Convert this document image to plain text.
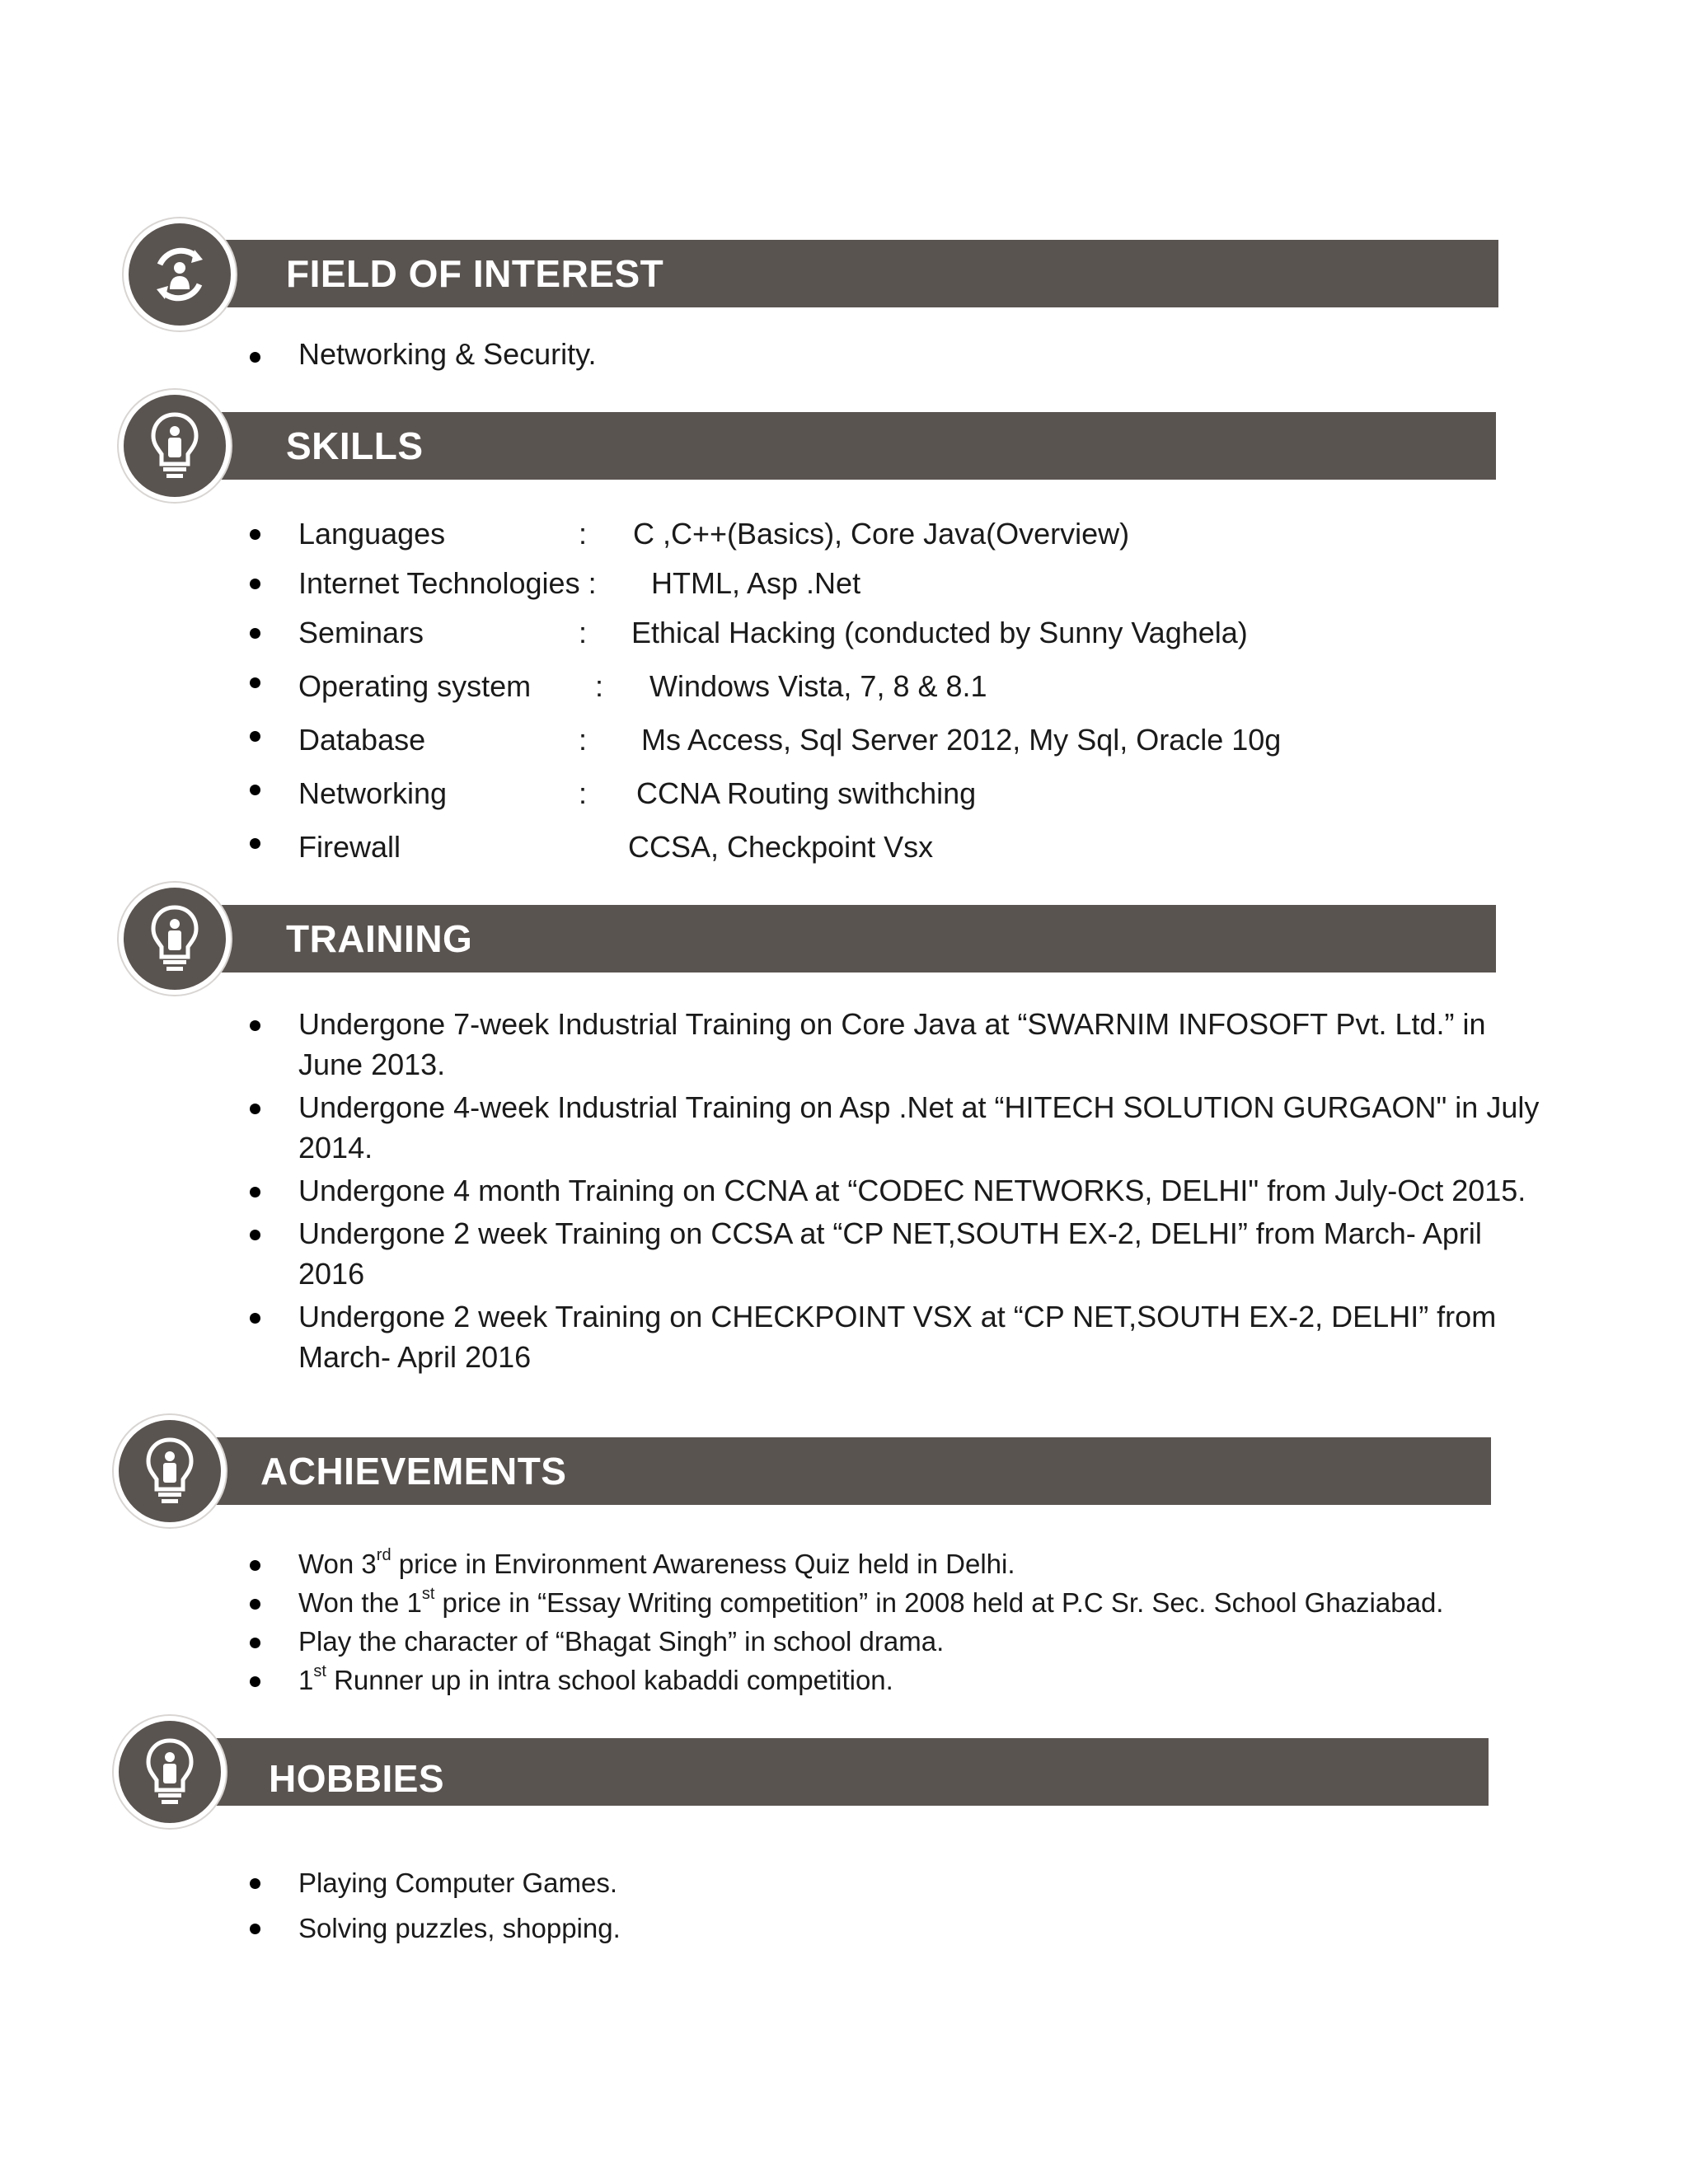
FIELD OF INTEREST
Networking & Security.
SKILLS
Languages	: C ,C++(Basics), Core Java(Overview)
Internet Technologies : HTML, Asp .Net
Seminars	: Ethical Hacking (conducted by Sunny Vaghela)
Operating system : Windows Vista, 7, 8 & 8.1
Database	: Ms Access, Sql Server 2012, My Sql, Oracle 10g
Networking	: CCNA Routing swithching
Firewall	CCSA, Checkpoint Vsx
TRAINING
Undergone 7-week Industrial Training on Core Java at “SWARNIM INFOSOFT Pvt. Ltd.” in June 2013.
Undergone 4-week Industrial Training on Asp .Net at “HITECH SOLUTION GURGAON" in July 2014.
Undergone 4 month Training on CCNA at “CODEC NETWORKS, DELHI" from July-Oct 2015.
Undergone 2 week Training on CCSA at “CP NET,SOUTH EX-2, DELHI” from March- April 2016
Undergone 2 week Training on CHECKPOINT VSX at “CP NET,SOUTH EX-2, DELHI” from March- April 2016
ACHIEVEMENTS
Won 3rd price in Environment Awareness Quiz held in Delhi.
Won the 1st price in “Essay Writing competition” in 2008 held at P.C Sr. Sec. School Ghaziabad.
Play the character of “Bhagat Singh” in school drama.
1st Runner up in intra school kabaddi competition.
HOBBIES
Playing Computer Games.
Solving puzzles, shopping.
